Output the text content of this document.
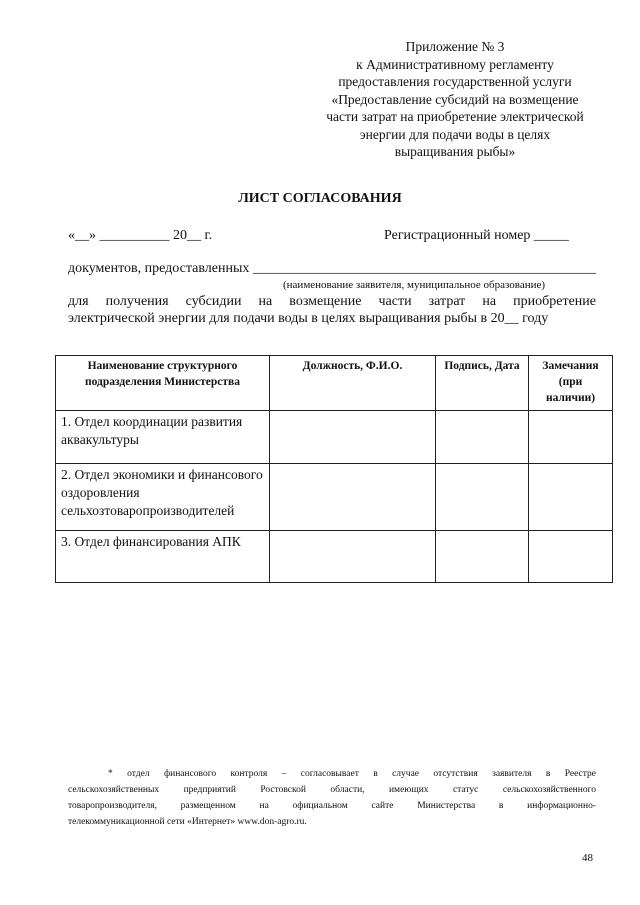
Приложение № 3
к Административному регламенту
предоставления государственной услуги
«Предоставление субсидий на возмещение
части затрат на приобретение электрической
энергии для подачи воды в целях
выращивания рыбы»
ЛИСТ СОГЛАСОВАНИЯ
«__» __________ 20__ г.	Регистрационный номер _____
документов, предоставленных _________________________________________________
(наименование заявителя, муниципальное образование)
для получения субсидии на возмещение части затрат на приобретение
электрической энергии для подачи воды в целях выращивания рыбы в 20__ году
Наименование структурного подразделения Министерства	Должность, Ф.И.О.	Подпись, Дата	Замечания (при наличии)
1. Отдел координации развития аквакультуры			
2. Отдел экономики и финансового оздоровления сельхозтоваропроизводителей			
3. Отдел финансирования АПК			
* отдел финансового контроля – согласовывает в случае отсутствия заявителя в Реестре
сельскохозяйственных предприятий Ростовской области, имеющих статус сельскохозяйственного
товаропроизводителя, размещенном на официальном сайте Министерства в информационно-
телекоммуникационной сети «Интернет» www.don-agro.ru.
48
